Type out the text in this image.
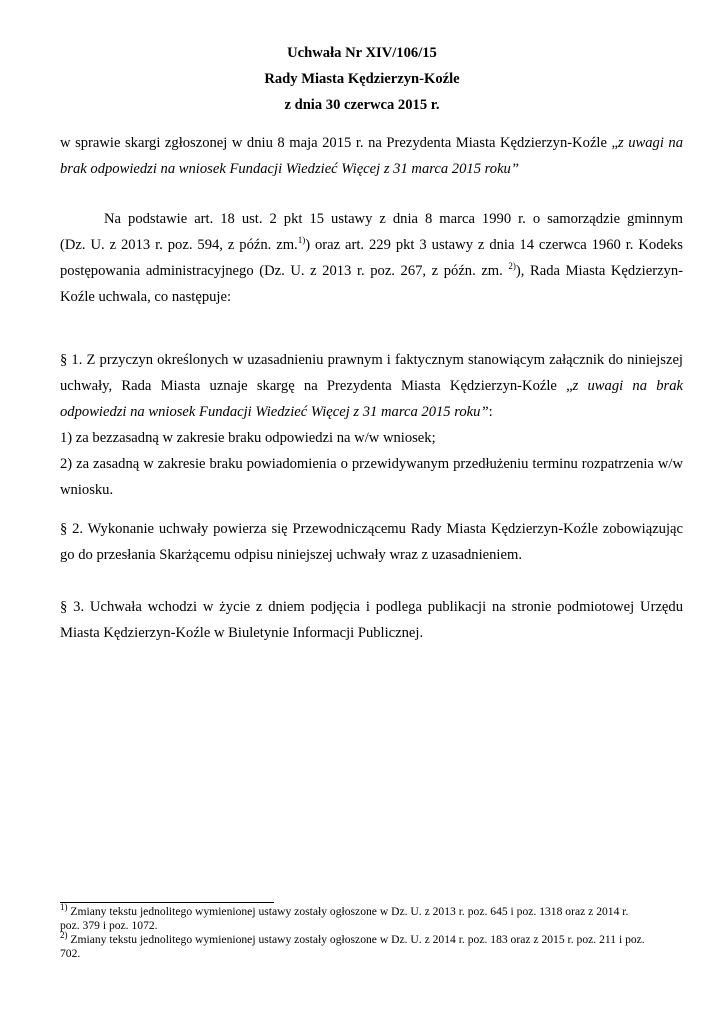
Uchwała Nr XIV/106/15
Rady Miasta Kędzierzyn-Koźle
z dnia 30 czerwca 2015 r.
w sprawie skargi zgłoszonej w dniu 8 maja 2015 r. na Prezydenta Miasta Kędzierzyn-Koźle „z uwagi na
brak odpowiedzi na wniosek Fundacji Wiedzieć Więcej z 31 marca 2015 roku”
Na podstawie art. 18 ust. 2 pkt 15 ustawy z dnia 8 marca 1990 r. o samorządzie gminnym
(Dz. U. z 2013 r. poz. 594, z późn. zm.$^{1)}$) oraz art. 229 pkt 3 ustawy z dnia 14 czerwca 1960 r. Kodeks
postępowania administracyjnego (Dz. U. z 2013 r. poz. 267, z późn. zm. $^{2)}$), Rada Miasta Kędzierzyn-
Koźle uchwala, co następuje:
§ 1. Z przyczyn określonych w uzasadnieniu prawnym i faktycznym stanowiącym załącznik do niniejszej
uchwały, Rada Miasta uznaje skargę na Prezydenta Miasta Kędzierzyn-Koźle „z uwagi na brak
odpowiedzi na wniosek Fundacji Wiedzieć Więcej z 31 marca 2015 roku”:
1) za bezzasadną w zakresie braku odpowiedzi na w/w wniosek;
2) za zasadną w zakresie braku powiadomienia o przewidywanym przedłużeniu terminu rozpatrzenia w/w
wniosku.
§ 2. Wykonanie uchwały powierza się Przewodniczącemu Rady Miasta Kędzierzyn-Koźle zobowiązując
go do przesłania Skarżącemu odpisu niniejszej uchwały wraz z uzasadnieniem.
§ 3. Uchwała wchodzi w życie z dniem podjęcia i podlega publikacji na stronie podmiotowej Urzędu
Miasta Kędzierzyn-Koźle w Biuletynie Informacji Publicznej.
$^{1)}$ Zmiany tekstu jednolitego wymienionej ustawy zostały ogłoszone w Dz. U. z 2013 r. poz. 645 i poz. 1318 oraz z 2014 r.
poz. 379 i poz. 1072.
$^{2)}$ Zmiany tekstu jednolitego wymienionej ustawy zostały ogłoszone w Dz. U. z 2014 r. poz. 183 oraz z 2015 r. poz. 211 i poz.
702.
